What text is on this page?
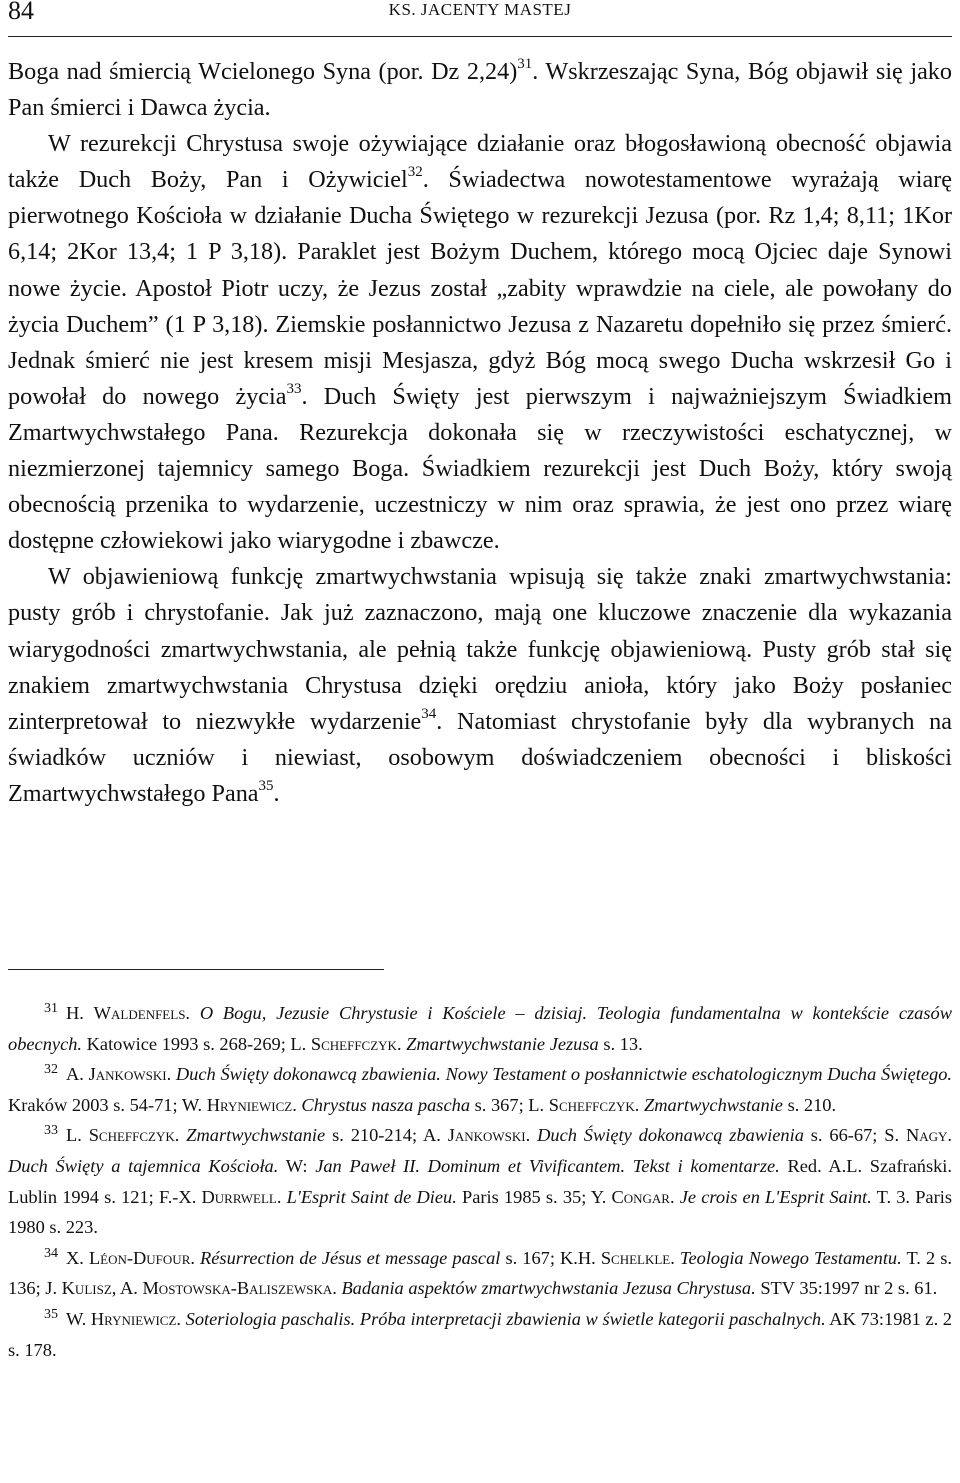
84	KS. JACENTY MASTEJ

Boga nad śmiercią Wcielonego Syna (por. Dz 2,24)$^{31}$. Wskrzeszając Syna, Bóg objawił się jako Pan śmierci i Dawca życia.

W rezurekcji Chrystusa swoje ożywiające działanie oraz błogosławioną obecność objawia także Duch Boży, Pan i Ożywiciel$^{32}$. Świadectwa nowotestamentowe wyrażają wiarę pierwotnego Kościoła w działanie Ducha Świętego w rezurekcji Jezusa (por. Rz 1,4; 8,11; 1Kor 6,14; 2Kor 13,4; 1 P 3,18). Paraklet jest Bożym Duchem, którego mocą Ojciec daje Synowi nowe życie. Apostoł Piotr uczy, że Jezus został „zabity wprawdzie na ciele, ale powołany do życia Duchem” (1 P 3,18). Ziemskie posłannictwo Jezusa z Nazaretu dopełniło się przez śmierć. Jednak śmierć nie jest kresem misji Mesjasza, gdyż Bóg mocą swego Ducha wskrzesił Go i powołał do nowego życia$^{33}$. Duch Święty jest pierwszym i najważniejszym Świadkiem Zmartwychwstałego Pana. Rezurekcja dokonała się w rzeczywistości eschatycznej, w niezmierzonej tajemnicy samego Boga. Świadkiem rezurekcji jest Duch Boży, który swoją obecnością przenika to wydarzenie, uczestniczy w nim oraz sprawia, że jest ono przez wiarę dostępne człowiekowi jako wiarygodne i zbawcze.

W objawieniową funkcję zmartwychwstania wpisują się także znaki zmartwychwstania: pusty grób i chrystofanie. Jak już zaznaczono, mają one kluczowe znaczenie dla wykazania wiarygodności zmartwychwstania, ale pełnią także funkcję objawieniową. Pusty grób stał się znakiem zmartwychwstania Chrystusa dzięki orędziu anioła, który jako Boży posłaniec zinterpretował to niezwykłe wydarzenie$^{34}$. Natomiast chrystofanie były dla wybranych na świadków uczniów i niewiast, osobowym doświadczeniem obecności i bliskości Zmartwychwstałego Pana$^{35}$.

$^{31}$ H. Waldenfels. O Bogu, Jezusie Chrystusie i Kościele – dzisiaj. Teologia fundamentalna w kontekście czasów obecnych. Katowice 1993 s. 268-269; L. Scheffczyk. Zmartwychwstanie Jezusa s. 13.

$^{32}$ A. Jankowski. Duch Święty dokonawcą zbawienia. Nowy Testament o posłannictwie eschatologicznym Ducha Świętego. Kraków 2003 s. 54-71; W. Hryniewicz. Chrystus nasza pascha s. 367; L. Scheffczyk. Zmartwychwstanie s. 210.

$^{33}$ L. Scheffczyk. Zmartwychwstanie s. 210-214; A. Jankowski. Duch Święty dokonawcą zbawienia s. 66-67; S. Nagy. Duch Święty a tajemnica Kościoła. W: Jan Paweł II. Dominum et Vivificantem. Tekst i komentarze. Red. A.L. Szafrański. Lublin 1994 s. 121; F.-X. Durrwell. L'Esprit Saint de Dieu. Paris 1985 s. 35; Y. Congar. Je crois en L'Esprit Saint. T. 3. Paris 1980 s. 223.

$^{34}$ X. Léon-Dufour. Résurrection de Jésus et message pascal s. 167; K.H. Schelkle. Teologia Nowego Testamentu. T. 2 s. 136; J. Kulisz, A. Mostowska-Baliszewska. Badania aspektów zmartwychwstania Jezusa Chrystusa. STV 35:1997 nr 2 s. 61.

$^{35}$ W. Hryniewicz. Soteriologia paschalis. Próba interpretacji zbawienia w świetle kategorii paschalnych. AK 73:1981 z. 2 s. 178.
